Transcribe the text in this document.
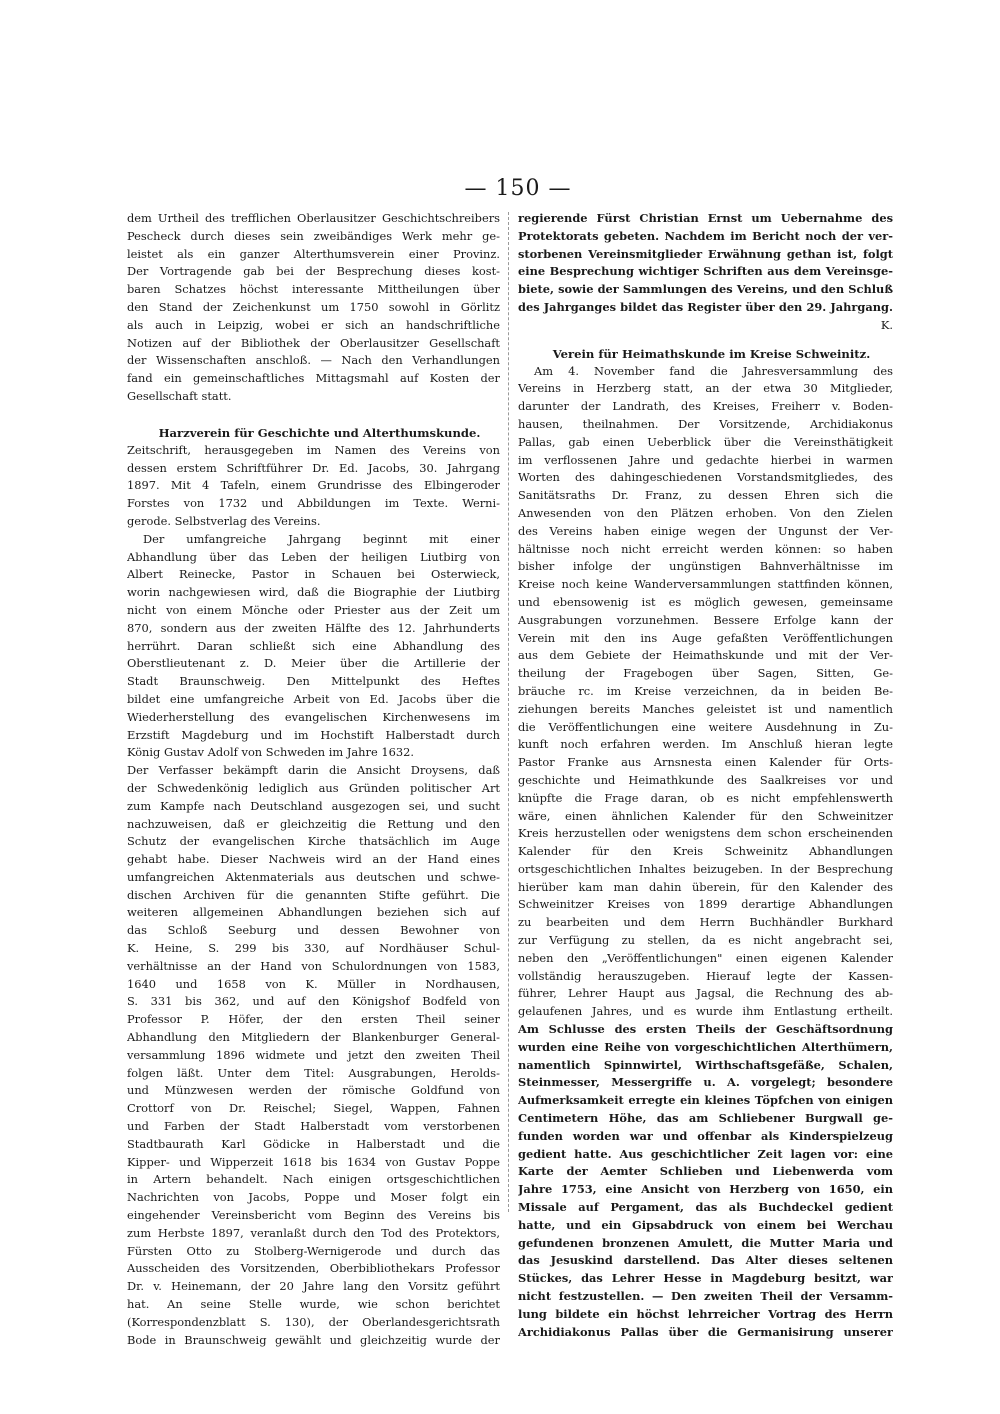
— 150 —
dem Urtheil des trefflichen Oberlausitzer Geschichtschreibers
Pescheck durch dieses sein zweibändiges Werk mehr ge-
leistet als ein ganzer Alterthumsverein einer Provinz.
Der Vortragende gab bei der Besprechung dieses kost-
baren Schatzes höchst interessante Mittheilungen über
den Stand der Zeichenkunst um 1750 sowohl in Görlitz
als auch in Leipzig, wobei er sich an handschriftliche
Notizen auf der Bibliothek der Oberlausitzer Gesellschaft
der Wissenschaften anschloß. — Nach den Verhandlungen
fand ein gemeinschaftliches Mittagsmahl auf Kosten der
Gesellschaft statt.
Harzverein für Geschichte und Alterthumskunde.
Zeitschrift, herausgegeben im Namen des Vereins von
dessen erstem Schriftführer Dr. Ed. Jacobs, 30. Jahrgang
1897. Mit 4 Tafeln, einem Grundrisse des Elbingeroder
Forstes von 1732 und Abbildungen im Texte. Werni-
gerode. Selbstverlag des Vereins.
Der umfangreiche Jahrgang beginnt mit einer
Abhandlung über das Leben der heiligen Liutbirg von
Albert Reinecke, Pastor in Schauen bei Osterwieck,
worin nachgewiesen wird, daß die Biographie der Liutbirg
nicht von einem Mönche oder Priester aus der Zeit um
870, sondern aus der zweiten Hälfte des 12. Jahrhunderts
herrührt. Daran schließt sich eine Abhandlung des
Oberstlieutenant z. D. Meier über die Artillerie der
Stadt Braunschweig. Den Mittelpunkt des Heftes
bildet eine umfangreiche Arbeit von Ed. Jacobs über die
Wiederherstellung des evangelischen Kirchenwesens im
Erzstift Magdeburg und im Hochstift Halberstadt durch
König Gustav Adolf von Schweden im Jahre 1632.
Der Verfasser bekämpft darin die Ansicht Droysens, daß
der Schwedenkönig lediglich aus Gründen politischer Art
zum Kampfe nach Deutschland ausgezogen sei, und sucht
nachzuweisen, daß er gleichzeitig die Rettung und den
Schutz der evangelischen Kirche thatsächlich im Auge
gehabt habe. Dieser Nachweis wird an der Hand eines
umfangreichen Aktenmaterials aus deutschen und schwe-
dischen Archiven für die genannten Stifte geführt. Die
weiteren allgemeinen Abhandlungen beziehen sich auf
das Schloß Seeburg und dessen Bewohner von
K. Heine, S. 299 bis 330, auf Nordhäuser Schul-
verhältnisse an der Hand von Schulordnungen von 1583,
1640 und 1658 von K. Müller in Nordhausen,
S. 331 bis 362, und auf den Königshof Bodfeld von
Professor P. Höfer, der den ersten Theil seiner
Abhandlung den Mitgliedern der Blankenburger General-
versammlung 1896 widmete und jetzt den zweiten Theil
folgen läßt. Unter dem Titel: Ausgrabungen, Herolds-
und Münzwesen werden der römische Goldfund von
Crottorf von Dr. Reischel; Siegel, Wappen, Fahnen
und Farben der Stadt Halberstadt vom verstorbenen
Stadtbaurath Karl Gödicke in Halberstadt und die
Kipper- und Wipperzeit 1618 bis 1634 von Gustav Poppe
in Artern behandelt. Nach einigen ortsgeschichtlichen
Nachrichten von Jacobs, Poppe und Moser folgt ein
eingehender Vereinsbericht vom Beginn des Vereins bis
zum Herbste 1897, veranlaßt durch den Tod des Protektors,
Fürsten Otto zu Stolberg-Wernigerode und durch das
Ausscheiden des Vorsitzenden, Oberbibliothekars Professor
Dr. v. Heinemann, der 20 Jahre lang den Vorsitz geführt
hat. An seine Stelle wurde, wie schon berichtet
(Korrespondenzblatt S. 130), der Oberlandesgerichtsrath
Bode in Braunschweig gewählt und gleichzeitig wurde der
regierende Fürst Christian Ernst um Uebernahme des
Protektorats gebeten. Nachdem im Bericht noch der ver-
storbenen Vereinsmitglieder Erwähnung gethan ist, folgt
eine Besprechung wichtiger Schriften aus dem Vereinsge-
biete, sowie der Sammlungen des Vereins, und den Schluß
des Jahrganges bildet das Register über den 29. Jahrgang.
K.
Verein für Heimathskunde im Kreise Schweinitz.
Am 4. November fand die Jahresversammlung des
Vereins in Herzberg statt, an der etwa 30 Mitglieder,
darunter der Landrath, des Kreises, Freiherr v. Boden-
hausen, theilnahmen. Der Vorsitzende, Archidiakonus
Pallas, gab einen Ueberblick über die Vereinsthätigkeit
im verflossenen Jahre und gedachte hierbei in warmen
Worten des dahingeschiedenen Vorstandsmitgliedes, des
Sanitätsraths Dr. Franz, zu dessen Ehren sich die
Anwesenden von den Plätzen erhoben. Von den Zielen
des Vereins haben einige wegen der Ungunst der Ver-
hältnisse noch nicht erreicht werden können: so haben
bisher infolge der ungünstigen Bahnverhältnisse im
Kreise noch keine Wanderversammlungen stattfinden können,
und ebensowenig ist es möglich gewesen, gemeinsame
Ausgrabungen vorzunehmen. Bessere Erfolge kann der
Verein mit den ins Auge gefaßten Veröffentlichungen
aus dem Gebiete der Heimathskunde und mit der Ver-
theilung der Fragebogen über Sagen, Sitten, Ge-
bräuche rc. im Kreise verzeichnen, da in beiden Be-
ziehungen bereits Manches geleistet ist und namentlich
die Veröffentlichungen eine weitere Ausdehnung in Zu-
kunft noch erfahren werden. Im Anschluß hieran legte
Pastor Franke aus Arnsnesta einen Kalender für Orts-
geschichte und Heimathkunde des Saalkreises vor und
knüpfte die Frage daran, ob es nicht empfehlenswerth
wäre, einen ähnlichen Kalender für den Schweinitzer
Kreis herzustellen oder wenigstens dem schon erscheinenden
Kalender für den Kreis Schweinitz Abhandlungen
ortsgeschichtlichen Inhaltes beizugeben. In der Besprechung
hierüber kam man dahin überein, für den Kalender des
Schweinitzer Kreises von 1899 derartige Abhandlungen
zu bearbeiten und dem Herrn Buchhändler Burkhard
zur Verfügung zu stellen, da es nicht angebracht sei,
neben den „Veröffentlichungen" einen eigenen Kalender
vollständig herauszugeben. Hierauf legte der Kassen-
führer, Lehrer Haupt aus Jagsal, die Rechnung des ab-
gelaufenen Jahres, und es wurde ihm Entlastung ertheilt.
Am Schlusse des ersten Theils der Geschäftsordnung
wurden eine Reihe von vorgeschichtlichen Alterthümern,
namentlich Spinnwirtel, Wirthschaftsgefäße, Schalen,
Steinmesser, Messergriffe u. A. vorgelegt; besondere
Aufmerksamkeit erregte ein kleines Töpfchen von einigen
Centimetern Höhe, das am Schliebener Burgwall ge-
funden worden war und offenbar als Kinderspielzeug
gedient hatte. Aus geschichtlicher Zeit lagen vor: eine
Karte der Aemter Schlieben und Liebenwerda vom
Jahre 1753, eine Ansicht von Herzberg von 1650, ein
Missale auf Pergament, das als Buchdeckel gedient
hatte, und ein Gipsabdruck von einem bei Werchau
gefundenen bronzenen Amulett, die Mutter Maria und
das Jesuskind darstellend. Das Alter dieses seltenen
Stückes, das Lehrer Hesse in Magdeburg besitzt, war
nicht festzustellen. — Den zweiten Theil der Versamm-
lung bildete ein höchst lehrreicher Vortrag des Herrn
Archidiakonus Pallas über die Germanisirung unserer
